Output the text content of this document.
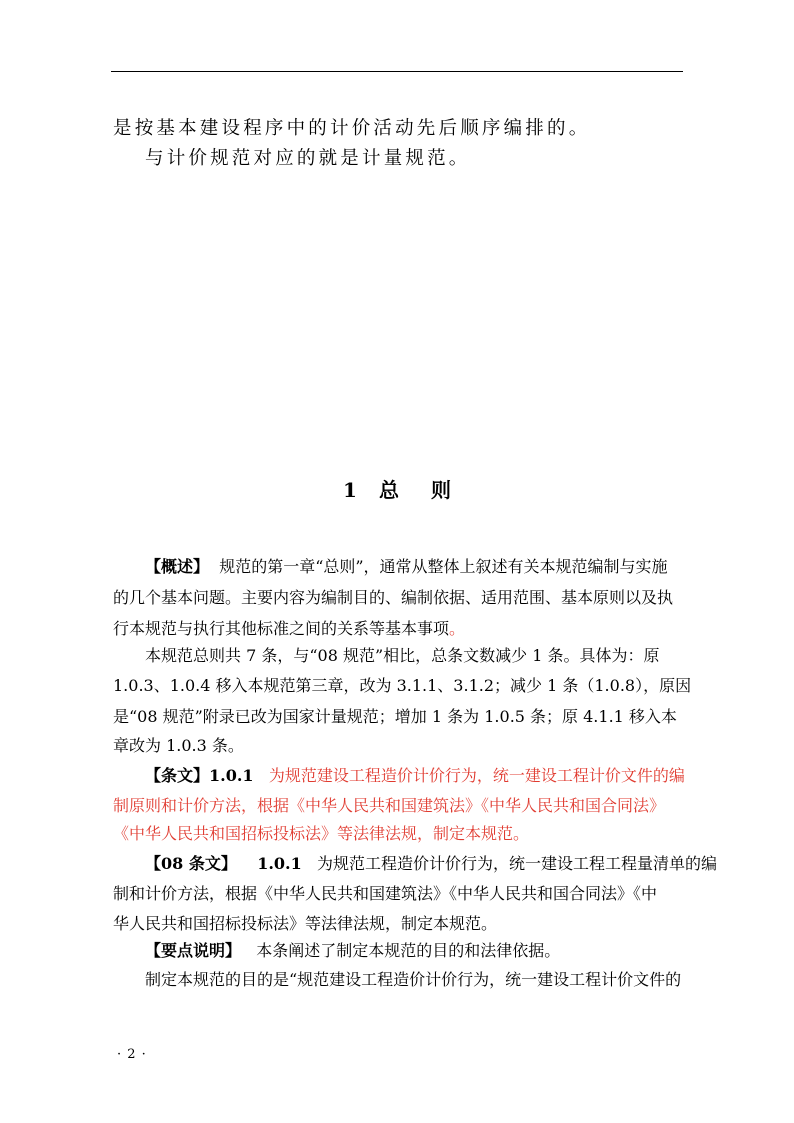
是按基本建设程序中的计价活动先后顺序编排的。

与计价规范对应的就是计量规范。

1 总 则

【概述】 规范的第一章“总则”，通常从整体上叙述有关本规范编制与实施

的几个基本问题。主要内容为编制目的、编制依据、适用范围、基本原则以及执

行本规范与执行其他标准之间的关系等基本事项。

本规范总则共 7 条，与“08 规范”相比，总条文数减少 1 条。具体为：原

1.0.3、1.0.4 移入本规范第三章，改为 3.1.1、3.1.2；减少 1 条（1.0.8），原因

是“08 规范”附录已改为国家计量规范；增加 1 条为 1.0.5 条；原 4.1.1 移入本

章改为 1.0.3 条。

【条文】1.0.1 为规范建设工程造价计价行为，统一建设工程计价文件的编

制原则和计价方法，根据《中华人民共和国建筑法》《中华人民共和国合同法》

《中华人民共和国招标投标法》等法律法规，制定本规范。

【08 条文】 1.0.1 为规范工程造价计价行为，统一建设工程工程量清单的编

制和计价方法，根据《中华人民共和国建筑法》《中华人民共和国合同法》《中

华人民共和国招标投标法》等法律法规，制定本规范。

【要点说明】 本条阐述了制定本规范的目的和法律依据。

制定本规范的目的是“规范建设工程造价计价行为，统一建设工程计价文件的

· 2 ·
